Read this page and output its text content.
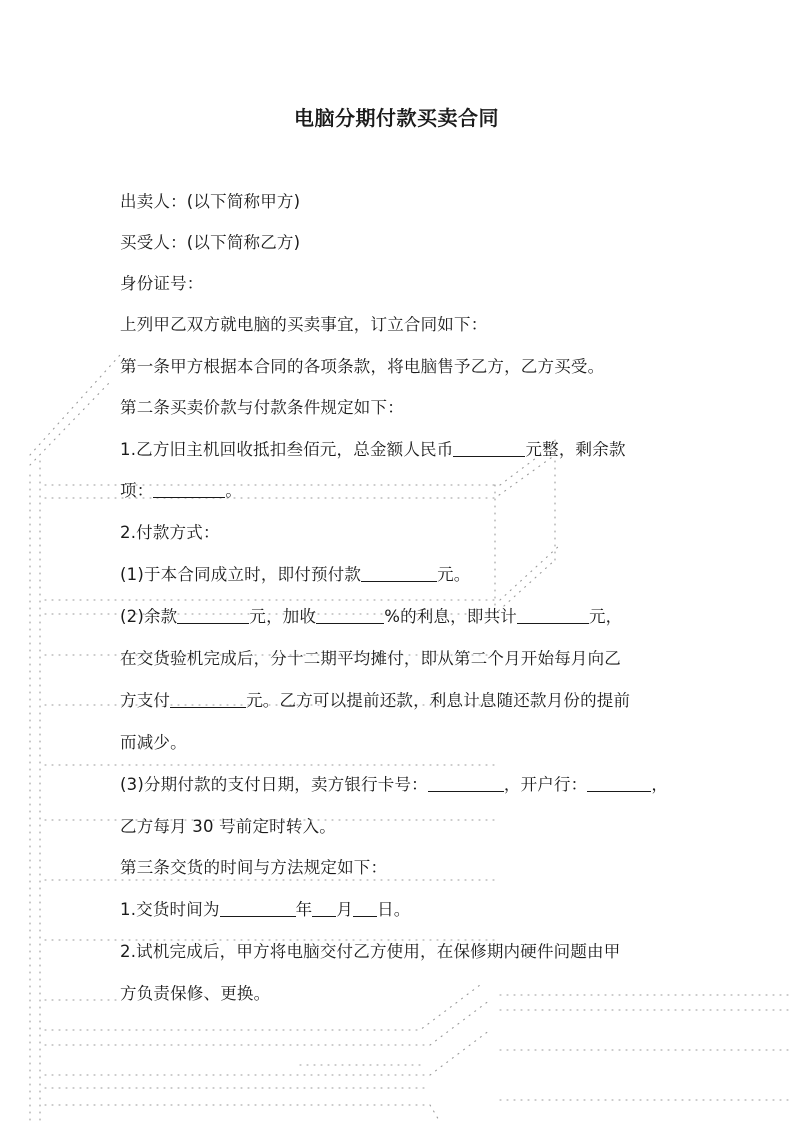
电脑分期付款买卖合同
出卖人：(以下简称甲方)
买受人：(以下简称乙方)
身份证号：
上列甲乙双方就电脑的买卖事宜，订立合同如下：
第一条甲方根据本合同的各项条款，将电脑售予乙方，乙方买受。
第二条买卖价款与付款条件规定如下：
1.乙方旧主机回收抵扣叁佰元，总金额人民币	元整，剩余款
项：	。
2.付款方式：
(1)于本合同成立时，即付预付款	元。
(2)余款	元，加收	%的利息，即共计	元，
在交货验机完成后，分十二期平均摊付，即从第二个月开始每月向乙
方支付	元。乙方可以提前还款，利息计息随还款月份的提前
而减少。
(3)分期付款的支付日期，卖方银行卡号：	，开户行：	，
乙方每月 30 号前定时转入。
第三条交货的时间与方法规定如下：
1.交货时间为	年 月 日。
2.试机完成后，甲方将电脑交付乙方使用，在保修期内硬件问题由甲
方负责保修、更换。
